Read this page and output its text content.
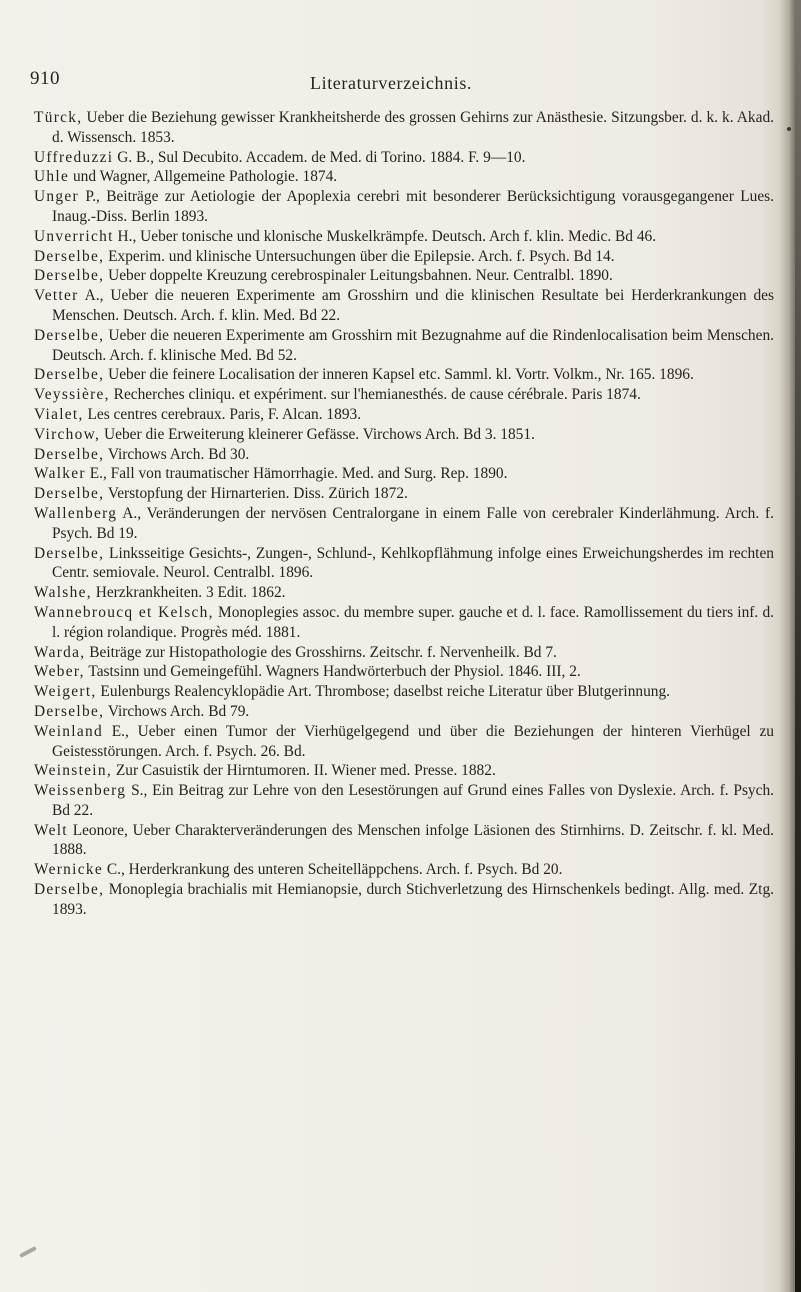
910	Literaturverzeichnis.
Türck, Ueber die Beziehung gewisser Krankheitsherde des grossen Gehirns zur Anästhesie. Sitzungsber. d. k. k. Akad. d. Wissensch. 1853.
Uffreduzzi G. B., Sul Decubito. Accadem. de Med. di Torino. 1884. F. 9—10.
Uhle und Wagner, Allgemeine Pathologie. 1874.
Unger P., Beiträge zur Aetiologie der Apoplexia cerebri mit besonderer Berücksichtigung vorausgegangener Lues. Inaug.-Diss. Berlin 1893.
Unverricht H., Ueber tonische und klonische Muskelkrämpfe. Deutsch. Arch f. klin. Medic. Bd 46.
Derselbe, Experim. und klinische Untersuchungen über die Epilepsie. Arch. f. Psych. Bd 14.
Derselbe, Ueber doppelte Kreuzung cerebrospinaler Leitungsbahnen. Neur. Centralbl. 1890.
Vetter A., Ueber die neueren Experimente am Grosshirn und die klinischen Resultate bei Herderkrankungen des Menschen. Deutsch. Arch. f. klin. Med. Bd 22.
Derselbe, Ueber die neueren Experimente am Grosshirn mit Bezugnahme auf die Rindenlocalisation beim Menschen. Deutsch. Arch. f. klinische Med. Bd 52.
Derselbe, Ueber die feinere Localisation der inneren Kapsel etc. Samml. kl. Vortr. Volkm., Nr. 165. 1896.
Veyssière, Recherches cliniqu. et expériment. sur l'hemianesthés. de cause cérébrale. Paris 1874.
Vialet, Les centres cerebraux. Paris, F. Alcan. 1893.
Virchow, Ueber die Erweiterung kleinerer Gefässe. Virchows Arch. Bd 3. 1851.
Derselbe, Virchows Arch. Bd 30.
Walker E., Fall von traumatischer Hämorrhagie. Med. and Surg. Rep. 1890.
Derselbe, Verstopfung der Hirnarterien. Diss. Zürich 1872.
Wallenberg A., Veränderungen der nervösen Centralorgane in einem Falle von cerebraler Kinderlähmung. Arch. f. Psych. Bd 19.
Derselbe, Linksseitige Gesichts-, Zungen-, Schlund-, Kehlkopflähmung infolge eines Erweichungsherdes im rechten Centr. semiovale. Neurol. Centralbl. 1896.
Walshe, Herzkrankheiten. 3 Edit. 1862.
Wannebroucq et Kelsch, Monoplegies assoc. du membre super. gauche et d. l. face. Ramollissement du tiers inf. d. l. région rolandique. Progrès méd. 1881.
Warda, Beiträge zur Histopathologie des Grosshirns. Zeitschr. f. Nervenheilk. Bd 7.
Weber, Tastsinn und Gemeingefühl. Wagners Handwörterbuch der Physiol. 1846. III, 2.
Weigert, Eulenburgs Realencyklopädie Art. Thrombose; daselbst reiche Literatur über Blutgerinnung.
Derselbe, Virchows Arch. Bd 79.
Weinland E., Ueber einen Tumor der Vierhügelgegend und über die Beziehungen der hinteren Vierhügel zu Geistesstörungen. Arch. f. Psych. 26. Bd.
Weinstein, Zur Casuistik der Hirntumoren. II. Wiener med. Presse. 1882.
Weissenberg S., Ein Beitrag zur Lehre von den Lesestörungen auf Grund eines Falles von Dyslexie. Arch. f. Psych. Bd 22.
Welt Leonore, Ueber Charakterveränderungen des Menschen infolge Läsionen des Stirnhirns. D. Zeitschr. f. kl. Med. 1888.
Wernicke C., Herderkrankung des unteren Scheitelläppchens. Arch. f. Psych. Bd 20.
Derselbe, Monoplegia brachialis mit Hemianopsie, durch Stichverletzung des Hirnschenkels bedingt. Allg. med. Ztg. 1893.
